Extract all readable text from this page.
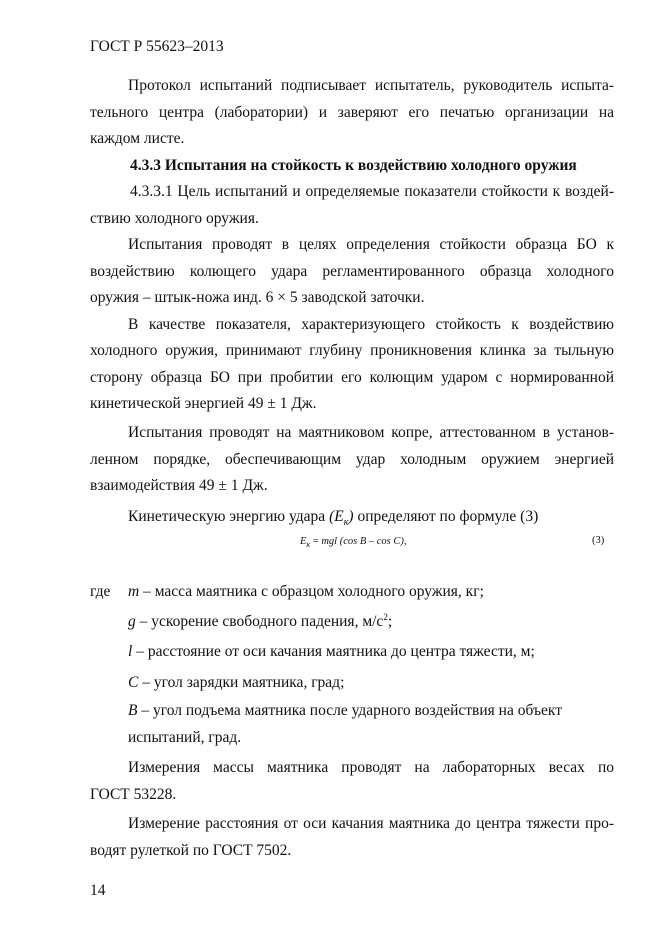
ГОСТ Р 55623–2013
Протокол испытаний подписывает испытатель, руководитель испыта-
тельного центра (лаборатории) и заверяют его печатью организации на
каждом листе.
4.3.3 Испытания на стойкость к воздействию холодного оружия
4.3.3.1 Цель испытаний и определяемые показатели стойкости к воздей-
ствию холодного оружия.
Испытания проводят в целях определения стойкости образца БО к
воздействию колющего удара регламентированного образца холодного
оружия – штык-ножа инд. 6 × 5 заводской заточки.
В качестве показателя, характеризующего стойкость к воздействию
холодного оружия, принимают глубину проникновения клинка за тыльную
сторону образца БО при пробитии его колющим ударом с нормированной
кинетической энергией 49 ± 1 Дж.
Испытания проводят на маятниковом копре, аттестованном в установ-
ленном порядке, обеспечивающим удар холодным оружием энергией
взаимодействия 49 ± 1 Дж.
Кинетическую энергию удара $(E_к)$ определяют по формуле (3)
$E_к$ = mgl (cos B – cos C),	(3)
где m – масса маятника с образцом холодного оружия, кг;
g – ускорение свободного падения, $м/с^2$;
l – расстояние от оси качания маятника до центра тяжести, м;
C – угол зарядки маятника, град;
B – угол подъема маятника после ударного воздействия на объект
испытаний, град.
Измерения массы маятника проводят на лабораторных весах по
ГОСТ 53228.
Измерение расстояния от оси качания маятника до центра тяжести про-
водят рулеткой по ГОСТ 7502.
14
